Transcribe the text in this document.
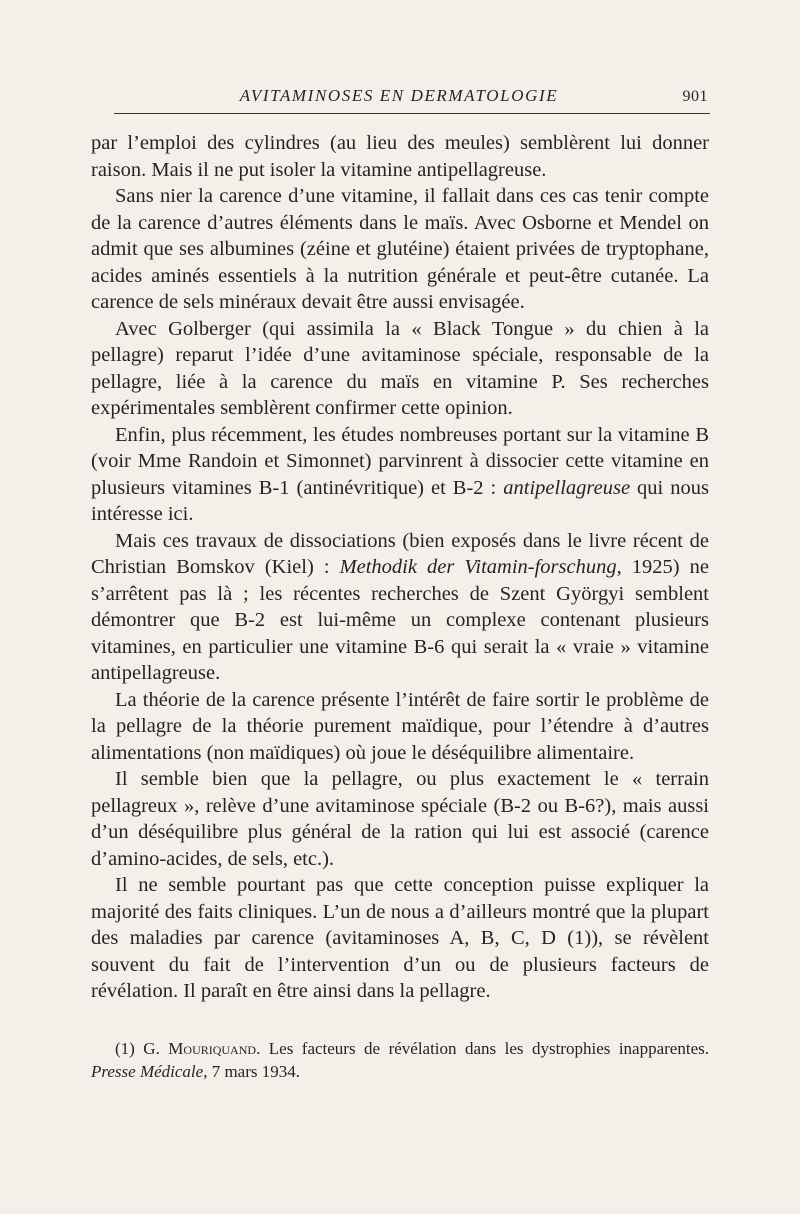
AVITAMINOSES EN DERMATOLOGIE	901

par l’emploi des cylindres (au lieu des meules) semblèrent lui donner raison. Mais il ne put isoler la vitamine antipellagreuse.

Sans nier la carence d’une vitamine, il fallait dans ces cas tenir compte de la carence d’autres éléments dans le maïs. Avec Osborne et Mendel on admit que ses albumines (zéine et glutéine) étaient privées de tryptophane, acides aminés essentiels à la nutrition générale et peut-être cutanée. La carence de sels minéraux devait être aussi envisagée.

Avec Golberger (qui assimila la « Black Tongue » du chien à la pellagre) reparut l’idée d’une avitaminose spéciale, responsable de la pellagre, liée à la carence du maïs en vitamine P. Ses recherches expérimentales semblèrent confirmer cette opinion.

Enfin, plus récemment, les études nombreuses portant sur la vitamine B (voir Mme Randoin et Simonnet) parvinrent à dissocier cette vitamine en plusieurs vitamines B-1 (antinévritique) et B-2 : antipellagreuse qui nous intéresse ici.

Mais ces travaux de dissociations (bien exposés dans le livre récent de Christian Bomskov (Kiel) : Methodik der Vitamin-forschung, 1925) ne s’arrêtent pas là ; les récentes recherches de Szent Györgyi semblent démontrer que B-2 est lui-même un complexe contenant plusieurs vitamines, en particulier une vitamine B-6 qui serait la « vraie » vitamine antipellagreuse.

La théorie de la carence présente l’intérêt de faire sortir le problème de la pellagre de la théorie purement maïdique, pour l’étendre à d’autres alimentations (non maïdiques) où joue le déséquilibre alimentaire.

Il semble bien que la pellagre, ou plus exactement le « terrain pellagreux », relève d’une avitaminose spéciale (B-2 ou B-6?), mais aussi d’un déséquilibre plus général de la ration qui lui est associé (carence d’amino-acides, de sels, etc.).

Il ne semble pourtant pas que cette conception puisse expliquer la majorité des faits cliniques. L’un de nous a d’ailleurs montré que la plupart des maladies par carence (avitaminoses A, B, C, D (1)), se révèlent souvent du fait de l’intervention d’un ou de plusieurs facteurs de révélation. Il paraît en être ainsi dans la pellagre.

(1) G. Mouriquand. Les facteurs de révélation dans les dystrophies inapparentes. Presse Médicale, 7 mars 1934.
